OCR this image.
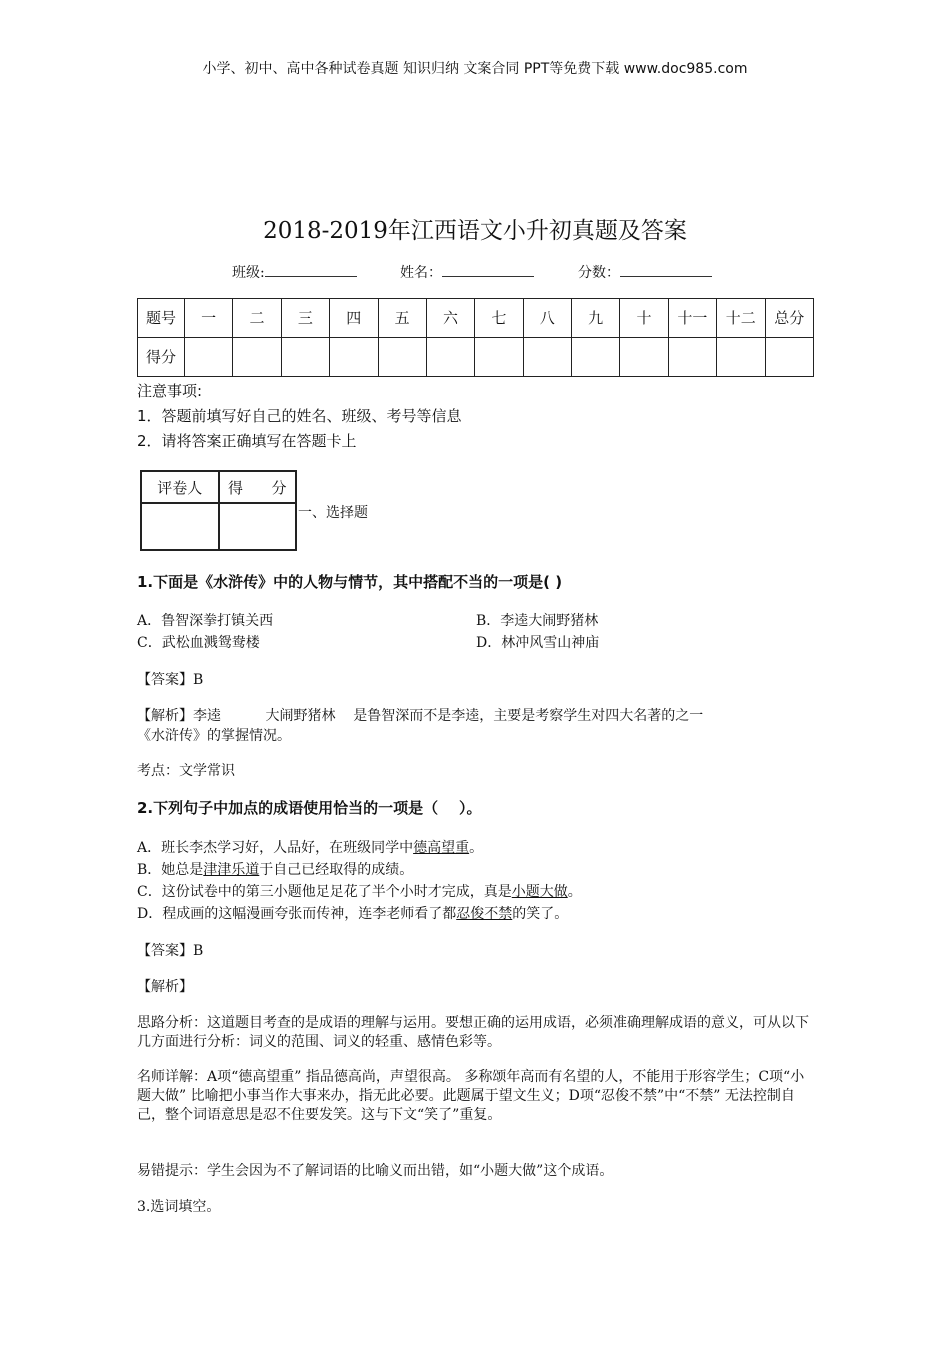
小学、初中、高中各种试卷真题 知识归纳 文案合同 PPT等免费下载 www.doc985.com
2018-2019年江西语文小升初真题及答案
班级:	姓名：	分数：
题号	一	二	三	四	五	六	七	八	九	十	十一	十二	总分
得分													
注意事项:
1．答题前填写好自己的姓名、班级、考号等信息
2．请将答案正确填写在答题卡上
评卷人	得      分

一、选择题
1.下面是《水浒传》中的人物与情节，其中搭配不当的一项是( )
A．鲁智深拳打镇关西	B．李逵大闹野猪林
C．武松血溅鸳鸯楼	D．林冲风雪山神庙
【答案】B
【解析】李逵          大闹野猪林    是鲁智深而不是李逵，主要是考察学生对四大名著的之一
《水浒传》的掌握情况。
考点：文学常识
2.下列句子中加点的成语使用恰当的一项是（    ）。
A．班长李杰学习好，人品好，在班级同学中德高望重。
B．她总是津津乐道于自己已经取得的成绩。
C．这份试卷中的第三小题他足足花了半个小时才完成，真是小题大做。
D．程成画的这幅漫画夸张而传神，连李老师看了都忍俊不禁的笑了。
【答案】B
【解析】
思路分析：这道题目考查的是成语的理解与运用。要想正确的运用成语，必须准确理解成语的意义，可从以下几方面进行分析：词义的范围、词义的轻重、感情色彩等。
名师详解：A项“德高望重” 指品德高尚，声望很高。 多称颂年高而有名望的人，不能用于形容学生；C项“小题大做” 比喻把小事当作大事来办，指无此必要。此题属于望文生义；D项“忍俊不禁”中“不禁” 无法控制自己，整个词语意思是忍不住要发笑。这与下文“笑了”重复。
易错提示：学生会因为不了解词语的比喻义而出错，如“小题大做”这个成语。
3.选词填空。
